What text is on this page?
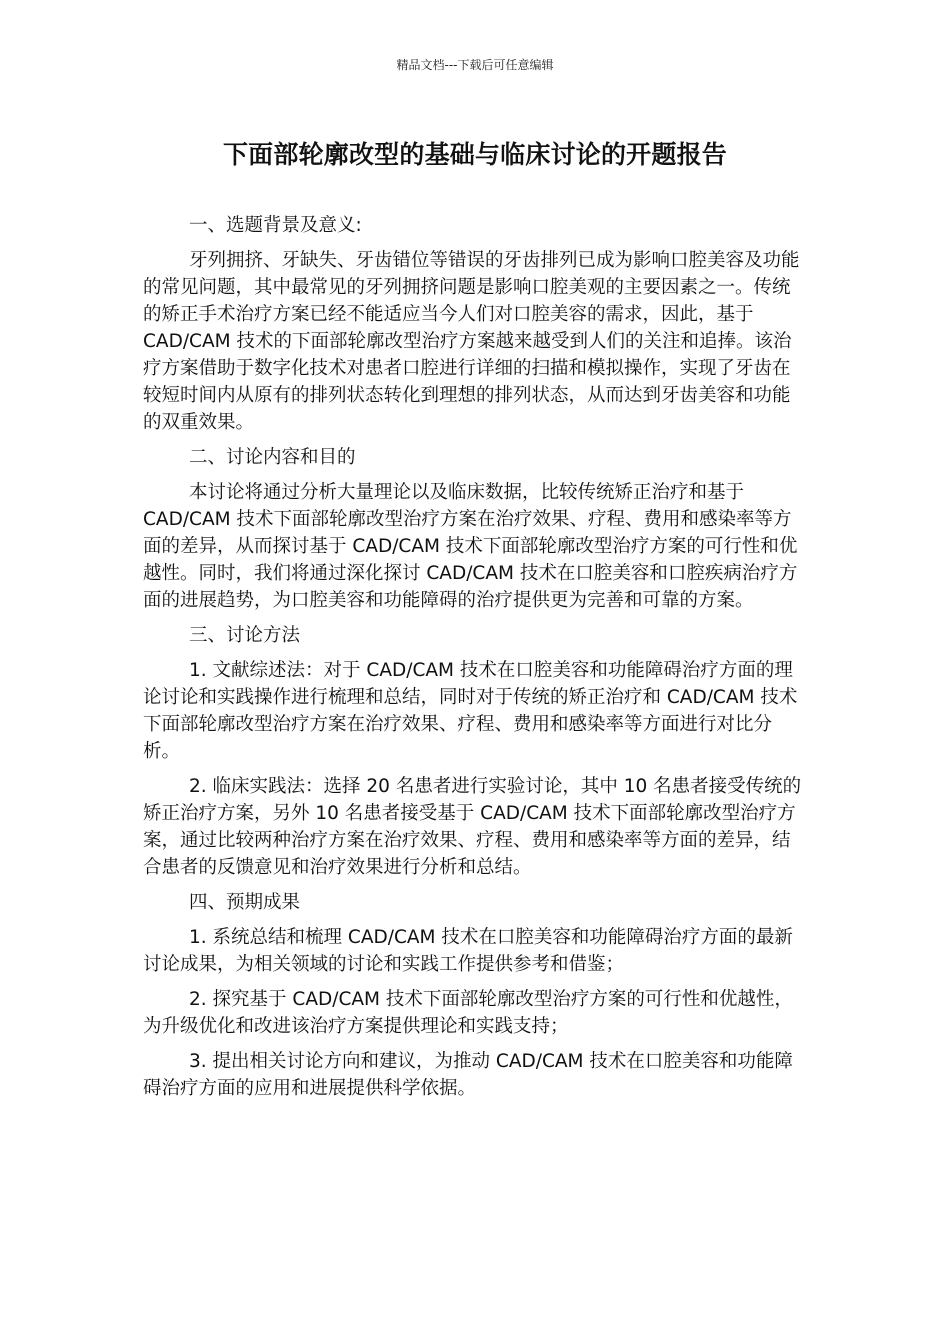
精品文档---下载后可任意编辑
下面部轮廓改型的基础与临床讨论的开题报告

一、选题背景及意义:

牙列拥挤、牙缺失、牙齿错位等错误的牙齿排列已成为影响口腔美容及功能的常见问题，其中最常见的牙列拥挤问题是影响口腔美观的主要因素之一。传统的矫正手术治疗方案已经不能适应当今人们对口腔美容的需求，因此，基于 CAD/CAM 技术的下面部轮廓改型治疗方案越来越受到人们的关注和追捧。该治疗方案借助于数字化技术对患者口腔进行详细的扫描和模拟操作，实现了牙齿在较短时间内从原有的排列状态转化到理想的排列状态，从而达到牙齿美容和功能的双重效果。

二、讨论内容和目的

本讨论将通过分析大量理论以及临床数据，比较传统矫正治疗和基于 CAD/CAM 技术下面部轮廓改型治疗方案在治疗效果、疗程、费用和感染率等方面的差异，从而探讨基于 CAD/CAM 技术下面部轮廓改型治疗方案的可行性和优越性。同时，我们将通过深化探讨 CAD/CAM 技术在口腔美容和口腔疾病治疗方面的进展趋势，为口腔美容和功能障碍的治疗提供更为完善和可靠的方案。

三、讨论方法

1. 文献综述法：对于 CAD/CAM 技术在口腔美容和功能障碍治疗方面的理论讨论和实践操作进行梳理和总结，同时对于传统的矫正治疗和 CAD/CAM 技术下面部轮廓改型治疗方案在治疗效果、疗程、费用和感染率等方面进行对比分析。

2. 临床实践法：选择 20 名患者进行实验讨论，其中 10 名患者接受传统的矫正治疗方案，另外 10 名患者接受基于 CAD/CAM 技术下面部轮廓改型治疗方案，通过比较两种治疗方案在治疗效果、疗程、费用和感染率等方面的差异，结合患者的反馈意见和治疗效果进行分析和总结。

四、预期成果

1. 系统总结和梳理 CAD/CAM 技术在口腔美容和功能障碍治疗方面的最新讨论成果，为相关领域的讨论和实践工作提供参考和借鉴；

2. 探究基于 CAD/CAM 技术下面部轮廓改型治疗方案的可行性和优越性，为升级优化和改进该治疗方案提供理论和实践支持；

3. 提出相关讨论方向和建议，为推动 CAD/CAM 技术在口腔美容和功能障碍治疗方面的应用和进展提供科学依据。
